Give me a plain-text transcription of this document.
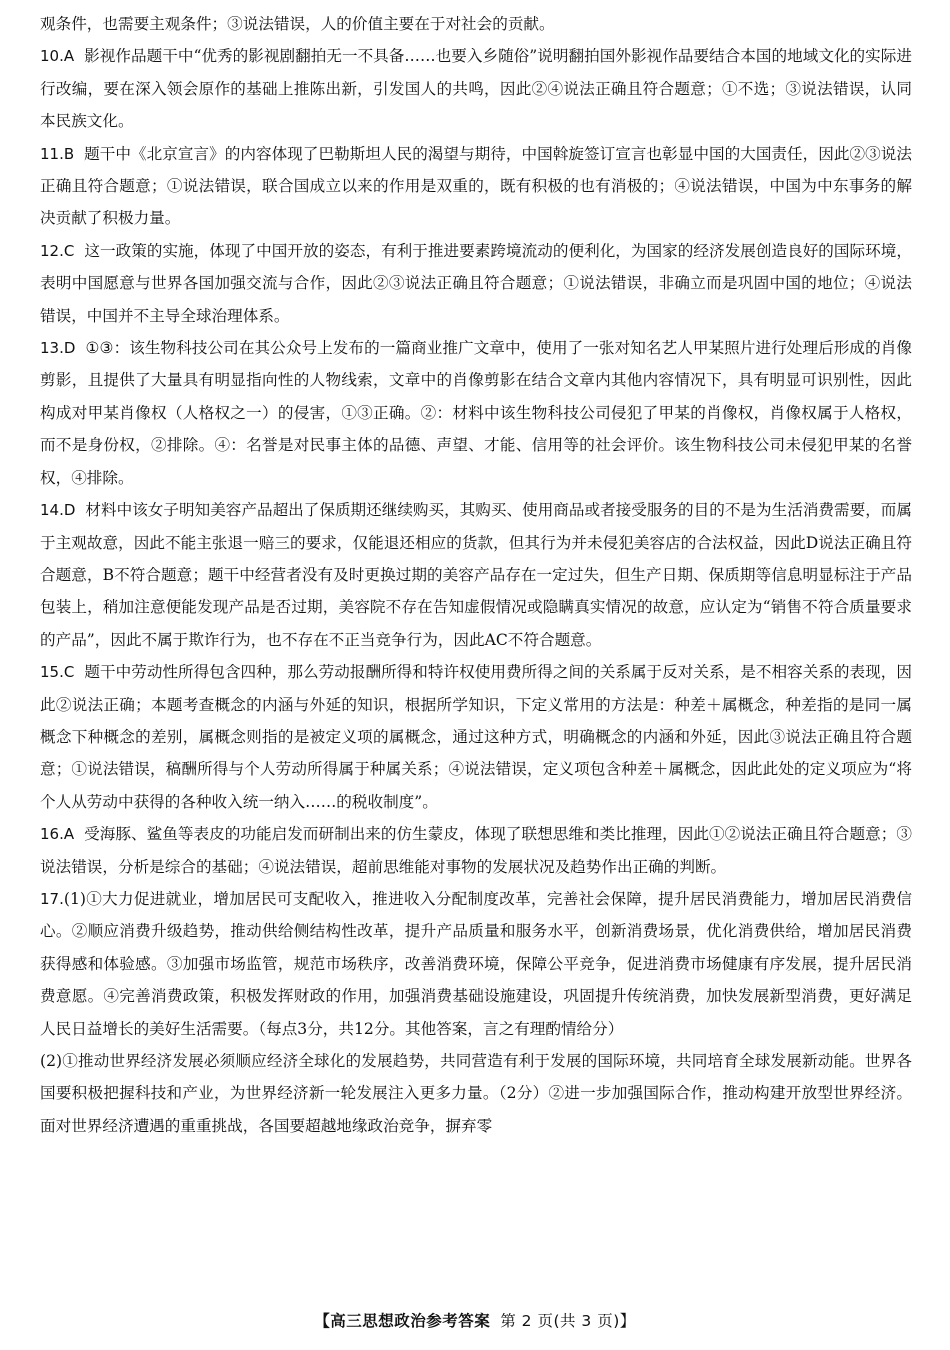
观条件，也需要主观条件；③说法错误，人的价值主要在于对社会的贡献。

10.A 影视作品题干中“优秀的影视剧翻拍无一不具备……也要入乡随俗”说明翻拍国外影视作品要结合本国的地域文化的实际进行改编，要在深入领会原作的基础上推陈出新，引发国人的共鸣，因此②④说法正确且符合题意；①不选；③说法错误，认同本民族文化。

11.B 题干中《北京宣言》的内容体现了巴勒斯坦人民的渴望与期待，中国斡旋签订宣言也彰显中国的大国责任，因此②③说法正确且符合题意；①说法错误，联合国成立以来的作用是双重的，既有积极的也有消极的；④说法错误，中国为中东事务的解决贡献了积极力量。

12.C 这一政策的实施，体现了中国开放的姿态，有利于推进要素跨境流动的便利化，为国家的经济发展创造良好的国际环境，表明中国愿意与世界各国加强交流与合作，因此②③说法正确且符合题意；①说法错误，非确立而是巩固中国的地位；④说法错误，中国并不主导全球治理体系。

13.D ①③：该生物科技公司在其公众号上发布的一篇商业推广文章中，使用了一张对知名艺人甲某照片进行处理后形成的肖像剪影，且提供了大量具有明显指向性的人物线索，文章中的肖像剪影在结合文章内其他内容情况下，具有明显可识别性，因此构成对甲某肖像权（人格权之一）的侵害，①③正确。②：材料中该生物科技公司侵犯了甲某的肖像权，肖像权属于人格权，而不是身份权，②排除。④：名誉是对民事主体的品德、声望、才能、信用等的社会评价。该生物科技公司未侵犯甲某的名誉权，④排除。

14.D 材料中该女子明知美容产品超出了保质期还继续购买，其购买、使用商品或者接受服务的目的不是为生活消费需要，而属于主观故意，因此不能主张退一赔三的要求，仅能退还相应的货款，但其行为并未侵犯美容店的合法权益，因此D说法正确且符合题意，B不符合题意；题干中经营者没有及时更换过期的美容产品存在一定过失，但生产日期、保质期等信息明显标注于产品包装上，稍加注意便能发现产品是否过期，美容院不存在告知虚假情况或隐瞒真实情况的故意，应认定为“销售不符合质量要求的产品”，因此不属于欺诈行为，也不存在不正当竞争行为，因此AC不符合题意。

15.C 题干中劳动性所得包含四种，那么劳动报酬所得和特许权使用费所得之间的关系属于反对关系，是不相容关系的表现，因此②说法正确；本题考查概念的内涵与外延的知识，根据所学知识，下定义常用的方法是：种差＋属概念，种差指的是同一属概念下种概念的差别，属概念则指的是被定义项的属概念，通过这种方式，明确概念的内涵和外延，因此③说法正确且符合题意；①说法错误，稿酬所得与个人劳动所得属于种属关系；④说法错误，定义项包含种差＋属概念，因此此处的定义项应为“将个人从劳动中获得的各种收入统一纳入……的税收制度”。

16.A 受海豚、鲨鱼等表皮的功能启发而研制出来的仿生蒙皮，体现了联想思维和类比推理，因此①②说法正确且符合题意；③说法错误，分析是综合的基础；④说法错误，超前思维能对事物的发展状况及趋势作出正确的判断。

17.(1)①大力促进就业，增加居民可支配收入，推进收入分配制度改革，完善社会保障，提升居民消费能力，增加居民消费信心。②顺应消费升级趋势，推动供给侧结构性改革，提升产品质量和服务水平，创新消费场景，优化消费供给，增加居民消费获得感和体验感。③加强市场监管，规范市场秩序，改善消费环境，保障公平竞争，促进消费市场健康有序发展，提升居民消费意愿。④完善消费政策，积极发挥财政的作用，加强消费基础设施建设，巩固提升传统消费，加快发展新型消费，更好满足人民日益增长的美好生活需要。（每点3分，共12分。其他答案，言之有理酌情给分）

(2)①推动世界经济发展必须顺应经济全球化的发展趋势，共同营造有利于发展的国际环境，共同培育全球发展新动能。世界各国要积极把握科技和产业，为世界经济新一轮发展注入更多力量。（2分）②进一步加强国际合作，推动构建开放型世界经济。面对世界经济遭遇的重重挑战，各国要超越地缘政治竞争，摒弃零

【高三思想政治参考答案 第 2 页(共 3 页)】
